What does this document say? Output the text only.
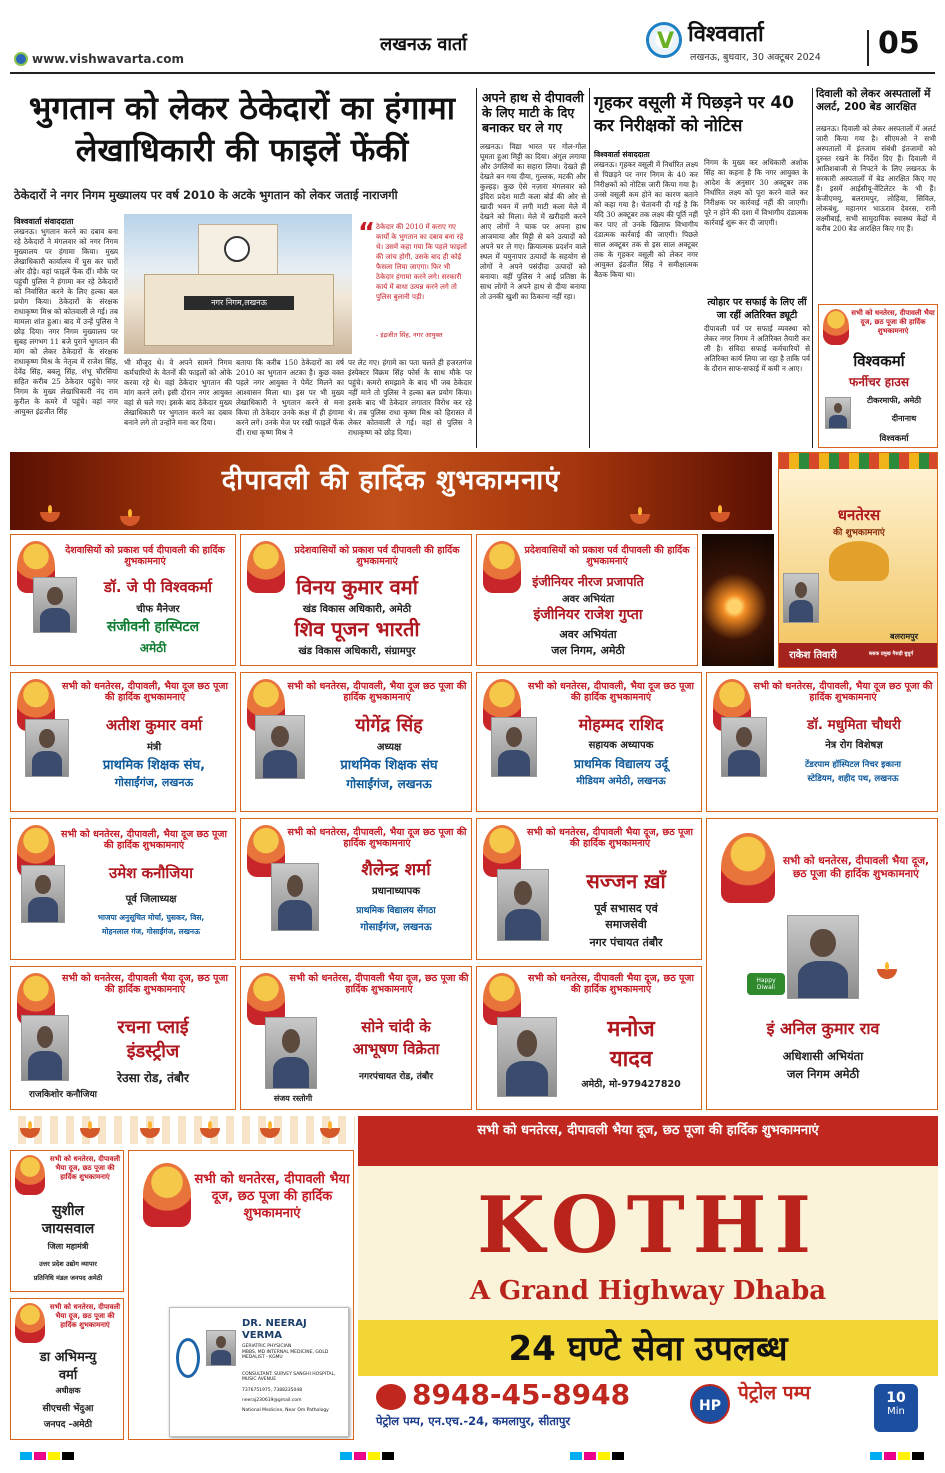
www.vishwavarta.com
लखनऊ वार्ता	V विश्ववार्ता
लखनऊ, बुधवार, 30 अक्टूबर 2024 05
भुगतान को लेकर ठेकेदारों का हंगामा
लेखाधिकारी की फाइलें फेंकीं
ठेकेदारों ने नगर निगम मुख्यालय पर वर्ष 2010 के अटके भुगतान को लेकर जताई नाराजगी
विश्ववार्ता संवाददाता
लखनऊ। भुगतान करने का दबाव बना रहे ठेकेदारों ने मंगलवार को नगर निगम मुख्यालय पर हंगामा किया। मुख्य लेखाधिकारी कार्यालय में घुस कर चारों ओर दौड़े। वहां फाइलें फेंक दीं। मौके पर पहुंची पुलिस ने हंगामा कर रहे ठेकेदारों को निर्वासित करने के लिए हल्का बल प्रयोग किया। ठेकेदारों के संरक्षक राधाकृष्ण मिश्र को कोतवाली ले गई। तब मामला शांत हुआ। बाद में उन्हें पुलिस ने छोड़ दिया। नगर निगम मुख्यालय पर सुबह लगभग 11 बजे पुराने भुगतान की मांग को लेकर ठेकेदारों के संरक्षक राधाकृष्ण मिश्र के नेतृत्व में राजेश सिंह, देवेंद्र सिंह, बबलू सिंह, शंभू चौरसिया सहित करीब 25 ठेकेदार पहुंचे। नगर निगम के मुख्य लेखाधिकारी नंद राम कुरील के कमरे में पहुंचे। वहां नगर आयुक्त इंद्रजीत सिंह
नगर निगम,लखनऊ
“ ठेकेदार की 2010 में कराए गए कार्यों के भुगतान का दबाव बना रहे थे। उसमें कहा गया कि पहले फाइलों की जांच होगी, उसके बाद ही कोई फैसला लिया जाएगा। फिर भी ठेकेदार हंगामा करने लगे। सरकारी कार्य में बाधा उत्पन्न करने लगे तो पुलिस बुलानी पड़ी।
- इंद्रजीत सिंह, नगर आयुक्त
भी मौजूद थे। वे अपने सामने निगम कर्मचारियों के वेतनों की फाइलों को ओके करवा रहे थे। वहां ठेकेदार भुगतान की मांग करने लगे। इसी दौरान नगर आयुक्त वहां से चले गए। इसके बाद ठेकेदार मुख्य लेखाधिकारी पर भुगतान करने का दबाव बनाने लगे तो उन्होंने मना कर दिया।
बताया कि करीब 150 ठेकेदारों का वर्ष 2010 का भुगतान अटका है। कुछ वक्त पहले नगर आयुक्त ने पेमेंट मिलने का आश्वासन मिला था। इस पर भी मुख्य लेखाधिकारी ने भुगतान करने से मना किया तो ठेकेदार उनके कक्ष में ही हंगामा करने लगे। उनके मेज पर रखी फाइलें फेंक दीं। राधा कृष्ण मिश्र ने
पर लेट गए। हंगामे का पता चलते ही हजरतगंज इंस्पेक्टर विक्रम सिंह फोर्स के साथ मौके पर पहुंचे। कमरो समझाने के बाद भी जब ठेकेदार नहीं माने तो पुलिस ने हल्का बल प्रयोग किया। इसके बाद भी ठेकेदार लगातार विरोध कर रहे थे। तब पुलिस राधा कृष्ण मिश्र को हिरासत में लेकर कोतवाली ले गई। वहां से पुलिस ने राधाकृष्ण को छोड़ दिया।
अपने हाथ से दीपावली के लिए माटी के दिए बनाकर घर ले गए
लखनऊ। विद्या भारत पर गोल-गोल घूमता हुआ मिट्टी का दिया। अंगुल लगाया और उंगलियों का सहारा लिया। देखते ही देखते बन गया दीया, गुल्लक, मटकी और कुल्हड़। कुछ ऐसे नज़ारा मंगलवार को इंदिरा प्रदेश माटी कला बोर्ड की ओर से खादी भवन में लगी माटी कला मेले में देखने को मिला। मेले में खरीदारी करने आए लोगों ने चाक पर अपना हाथ आजमाया और मिट्टी से बने उत्पादों को अपने घर ले गए। क्रियात्मक प्रदर्शन वाले स्थल में यमुनापार उत्पादों के सहयोग से लोगों ने अपने पसंदीदा उत्पादों को बनाया। वहीं पुलिस ने आई प्रतिष्ठा के साथ लोगों ने अपने हाथ से दीया बनाया तो उनकी खुशी का ठिकाना नहीं रहा।
गृहकर वसूली में पिछड़ने पर 40 कर निरीक्षकों को नोटिस
विश्ववार्ता संवाददाता
लखनऊ। गृहकर वसूली में निर्धारित लक्ष्य से पिछड़ने पर नगर निगम के 40 कर निरीक्षकों को नोटिस जारी किया गया है। उनसे वसूली कम होने का कारण बताने को कहा गया है। चेतावनी दी गई है कि यदि 30 अक्टूबर तक लक्ष्य की पूर्ति नहीं कर पाए तो उनके खिलाफ विभागीय दंडात्मक कार्रवाई की जाएगी। पिछले साल अक्टूबर तक से इस साल अक्टूबर तक के गृहकर वसूली को लेकर नगर आयुक्त इंद्रजीत सिंह ने समीक्षात्मक बैठक किया था।
निगम के मुख्य कर अधिकारी अशोक सिंह का कहना है कि नगर आयुक्त के आदेश के अनुसार 30 अक्टूबर तक निर्धारित लक्ष्य को पूरा करने वाले कर निरीक्षक पर कार्रवाई नहीं की जाएगी। पूरे न होने की दशा में विभागीय दंडात्मक कार्रवाई शुरू कर दी जाएगी।
त्योहार पर सफाई के लिए लीं जा रहीं अतिरिक्त ड्यूटी
दीपावली पर्व पर सफाई व्यवस्था को लेकर नगर निगम ने अतिरिक्त तैयारी कर ली है। संविदा सफाई कर्मचारियों से अतिरिक्त कार्य लिया जा रहा है ताकि पर्व के दौरान साफ-सफाई में कमी न आए।
दिवाली को लेकर अस्पतालों में अलर्ट, 200 बेड आरक्षित
लखनऊ। दिवाली को लेकर अस्पतालों में अलर्ट जारी किया गया है। सीएमओ ने सभी अस्पतालों में इंतजाम संबंधी इंतजामों को दुरुस्त रखने के निर्देश दिए हैं। दिवाली में आतिशबाजी से निपटने के लिए लखनऊ के सरकारी अस्पतालों में बेड आरक्षित किए गए हैं। इसमें आईसीयू-वेंटिलेटर के भी हैं। केजीएमयू, बलरामपुर, लोहिया, सिविल, लोकबंधु, महानगर भाऊराव देवरस, रानी लक्ष्मीबाई, सभी सामुदायिक स्वास्थ्य केंद्रों में करीब 200 बेड आरक्षित किए गए हैं।
सभी को धनतेरस, दीपावली भैया दूज, छठ पूजा की हार्दिक शुभकामनाएं
विश्वकर्मा
फर्नीचर हाउस
टीकरमाफी, अमेठी
दीनानाथ
विश्वकर्मा
दीपावली की हार्दिक शुभकामनाएं
धनतेरस
की शुभकामनाएं
बलरामपुर
राकेश तिवारी	ब्लाक प्रमुख गैसड़ी बुधुर्ग
देशवासियों को प्रकाश पर्व दीपावली की हार्दिक शुभकामनाएं
डॉ. जे पी विश्वकर्मा
चीफ मैनेजर
संजीवनी हास्पिटल
अमेठी
प्रदेशवासियों को प्रकाश पर्व दीपावली की हार्दिक शुभकामनाएं
विनय कुमार वर्मा
खंड विकास अधिकारी, अमेठी
शिव पूजन भारती
खंड विकास अधिकारी, संग्रामपुर
प्रदेशवासियों को प्रकाश पर्व दीपावली की हार्दिक शुभकामनाएं
इंजीनियर नीरज प्रजापति
अवर अभियंता
इंजीनियर राजेश गुप्ता
अवर अभियंता
जल निगम, अमेठी
सभी को धनतेरस, दीपावली, भैया दूज छठ पूजा की हार्दिक शुभकामनाएं
अतीश कुमार वर्मा
मंत्री
प्राथमिक शिक्षक संघ,
गोसाईंगंज, लखनऊ
सभी को धनतेरस, दीपावली, भैया दूज छठ पूजा की हार्दिक शुभकामनाएं
योगेंद्र सिंह
अध्यक्ष
प्राथमिक शिक्षक संघ
गोसाईंगंज, लखनऊ
सभी को धनतेरस, दीपावली, भैया दूज छठ पूजा की हार्दिक शुभकामनाएं
मोहम्मद राशिद
सहायक अध्यापक
प्राथमिक विद्यालय उर्दू
मीडियम अमेठी, लखनऊ
सभी को धनतेरस, दीपावली, भैया दूज छठ पूजा की हार्दिक शुभकामनाएं
डॉ. मधुमिता चौधरी
नेत्र रोग विशेषज्ञ
टेंडरपाम हॉस्पिटल निचर इकाना
स्टेडियम, शहीद पथ, लखनऊ
सभी को धनतेरस, दीपावली, भैया दूज छठ पूजा की हार्दिक शुभकामनाएं
उमेश कनौजिया
पूर्व जिलाध्यक्ष
भाजपा अनुसूचित मोर्चा, घुसकर, विस,
मोहनलाल गंज, गोसाईंगंज, लखनऊ
सभी को धनतेरस, दीपावली, भैया दूज छठ पूजा की हार्दिक शुभकामनाएं
शैलेन्द्र शर्मा
प्रधानाध्यापक
प्राथमिक विद्यालय सेंगठा
गोसाईंगंज, लखनऊ
सभी को धनतेरस, दीपावली भैया दूज, छठ पूजा की हार्दिक शुभकामनाएं
सज्जन ख़ाँ
पूर्व सभासद एवं
समाजसेवी
नगर पंचायत तंबौर
सभी को धनतेरस, दीपावली भैया दूज, छठ पूजा की हार्दिक शुभकामनाएं
Happy Diwali
इं अनिल कुमार राव
अधिशासी अभियंता
जल निगम अमेठी
सभी को धनतेरस, दीपावली भैया दूज, छठ पूजा की हार्दिक शुभकामनाएं
रचना प्लाई
इंडस्ट्रीज
रेउसा रोड, तंबौर
राजकिशोर कनौजिया
सभी को धनतेरस, दीपावली भैया दूज, छठ पूजा की हार्दिक शुभकामनाएं
सोने चांदी के
आभूषण विक्रेता
नगरपंचायत रोड, तंबौर
संजय रस्तोगी
सभी को धनतेरस, दीपावली भैया दूज, छठ पूजा की हार्दिक शुभकामनाएं
मनोज
यादव
अमेठी, मो-979427820
सभी को धनतेरस, दीपावली भैया दूज, छठ पूजा की हार्दिक शुभकामनाएं
सुशील
जायसवाल
जिला महामंत्री
उत्तर प्रदेश उद्योग व्यापार
प्रतिनिधि मंडल जनपद अमेठी
सभी को धनतेरस, दीपावली भैया दूज, छठ पूजा की हार्दिक शुभकामनाएं
डा अभिमन्यु
वर्मा
अधीक्षक
सीएचसी भेंदुआ
जनपद -अमेठी
सभी को धनतेरस, दीपावली भैया दूज, छठ पूजा की हार्दिक शुभकामनाएं
DR. NEERAJ
VERMA
GERIATRIC PHYSICIAN
MBBS, MD INTERNAL MEDICINE, GOLD MEDALIST - KGMU
CONSULTANT: SURVEY SANGHI HOSPITAL, MUSIC AVENUE
7376751975, 7388235048
neeraj230619@gmail.com
National Medicine, Near Om Pathology
सभी को धनतेरस, दीपावली भैया दूज, छठ पूजा की हार्दिक शुभकामनाएं
KOTHI
A Grand Highway Dhaba
24 घण्टे सेवा उपलब्ध
8948-45-8948
पेट्रोल पम्प, एन.एच.-24, कमलापुर, सीतापुर
HP
पेट्रोल पम्प	10
Min
